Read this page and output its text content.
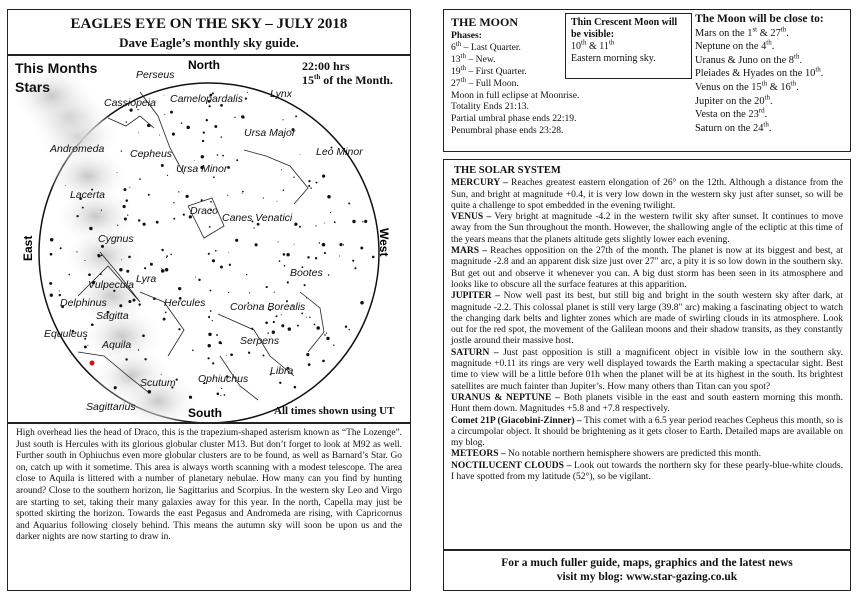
EAGLES EYE ON THE SKY – JULY 2018
Dave Eagle’s monthly sky guide.
Perseus
Cassiopeia Camelopardalis	Lynx
Andromeda Cepheus
Ursa Major
Leo Minor
Ursa Minor
Lacerta
Draco
Canes Venatici
Cygnus
Vulpecula Lyra	Bootes
Delphinus	Hercules Corona Borealis
Sagitta
Equuleus
Serpens
Aquila
Ophiuchus
Scutum
Libra
Sagittarius
North
South
East	West
This Months
Stars
22:00 hrs
15th of the Month.
All times shown using UT
High overhead lies the head of Draco, this is the trapezium-shaped asterism known as “The Lozenge”. Just south is Hercules with its glorious globular cluster M13. But don’t forget to look at M92 as well. Further south in Ophiuchus even more globular clusters are to be found, as well as Barnard’s Star. Go on, catch up with it sometime. This area is always worth scanning with a modest telescope. The area close to Aquila is littered with a number of planetary nebulae. How many can you find by hunting around? Close to the southern horizon, lie Sagittarius and Scorpius. In the western sky Leo and Virgo are starting to set, taking their many galaxies away for this year. In the north, Capella may just be spotted skirting the horizon. Towards the east Pegasus and Andromeda are rising, with Capricornus and Aquarius following closely behind. This means the autumn sky will soon be upon us and the darker nights are now starting to draw in.
THE MOON
Phases:
6th – Last Quarter.
13th – New.
19th – First Quarter.
27th – Full Moon.
Moon in full eclipse at Moonrise.
Totality Ends 21:13.
Partial umbral phase ends 22:19.
Penumbral phase ends 23:28.
Thin Crescent Moon will be visible:
10th & 11th
Eastern morning sky.
The Moon will be close to:
Mars on the 1st & 27th.
Neptune on the 4th.
Uranus & Juno on the 8th.
Pleiades & Hyades on the 10th.
Venus on the 15th & 16th.
Jupiter on the 20th.
Vesta on the 23rd.
Saturn on the 24th.
THE SOLAR SYSTEM

MERCURY – Reaches greatest eastern elongation of 26° on the 12th. Although a distance from the Sun, and bright at magnitude +0.4, it is very low down in the western sky just after sunset, so will be quite a challenge to spot embedded in the evening twilight.

VENUS – Very bright at magnitude -4.2 in the western twilit sky after sunset. It continues to move away from the Sun throughout the month. However, the shallowing angle of the ecliptic at this time of the years means that the planets altitude gets slightly lower each evening.

MARS – Reaches opposition on the 27th of the month. The planet is now at its biggest and best, at magnitude -2.8 and an apparent disk size just over 27" arc, a pity it is so low down in the southern sky. But get out and observe it whenever you can. A big dust storm has been seen in its atmosphere and looks like to obscure all the surface features at this apparition.

JUPITER – Now well past its best, but still big and bright in the south western sky after dark, at magnitude -2.2. This colossal planet is still very large (39.8" arc) making a fascinating object to watch the changing dark belts and lighter zones which are made of swirling clouds in its atmosphere. Look out for the red spot, the movement of the Galilean moons and their shadow transits, as they constantly jostle around their massive host.

SATURN – Just past opposition is still a magnificent object in visible low in the southern sky. magnitude +0.11 its rings are very well displayed towards the Earth making a spectacular sight. Best time to view will be a little before 01h when the planet will be at its highest in the south. Its brightest satellites are much fainter than Jupiter’s. How many others than Titan can you spot?

URANUS & NEPTUNE – Both planets visible in the east and south eastern morning this month. Hunt them down. Magnitudes +5.8 and +7.8 respectively.

Comet 21P (Giacobini-Zinner) – This comet with a 6.5 year period reaches Cepheus this month, so is a circumpolar object. It should be brightening as it gets closer to Earth. Detailed maps are available on my blog.

METEORS – No notable northern hemisphere showers are predicted this month.

NOCTILUCENT CLOUDS – Look out towards the northern sky for these pearly-blue-white clouds. I have spotted from my latitude (52°), so be vigilant.

For a much fuller guide, maps, graphics and the latest news
visit my blog: www.star-gazing.co.uk
